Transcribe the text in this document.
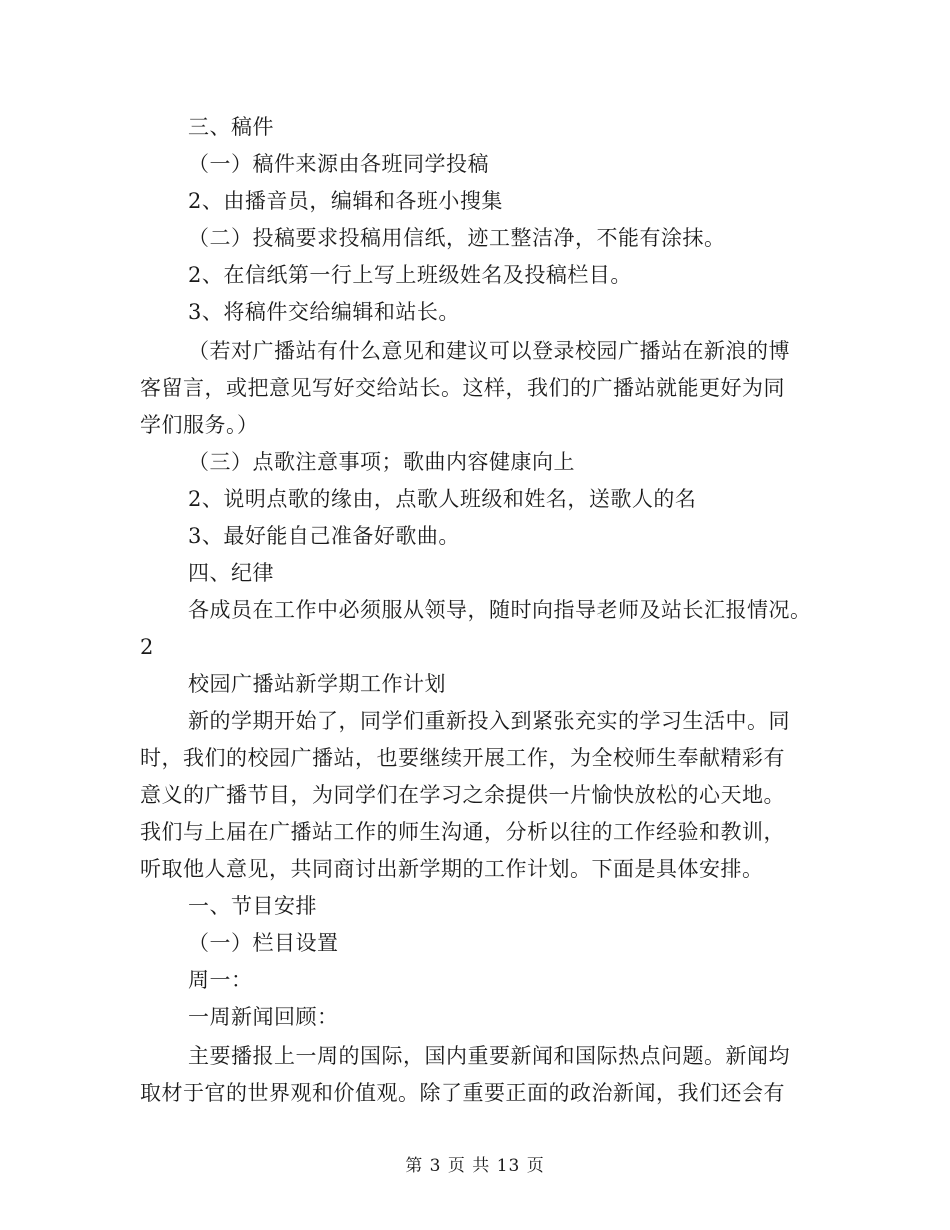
三、稿件
（一）稿件来源由各班同学投稿
2、由播音员，编辑和各班小搜集
（二）投稿要求投稿用信纸，迹工整洁净，不能有涂抹。
2、在信纸第一行上写上班级姓名及投稿栏目。
3、将稿件交给编辑和站长。
（若对广播站有什么意见和建议可以登录校园广播站在新浪的博
客留言，或把意见写好交给站长。这样，我们的广播站就能更好为同
学们服务。）
（三）点歌注意事项；歌曲内容健康向上
2、说明点歌的缘由，点歌人班级和姓名，送歌人的名
3、最好能自己准备好歌曲。
四、纪律
各成员在工作中必须服从领导，随时向指导老师及站长汇报情况。
2
校园广播站新学期工作计划
新的学期开始了，同学们重新投入到紧张充实的学习生活中。同
时，我们的校园广播站，也要继续开展工作，为全校师生奉献精彩有
意义的广播节目，为同学们在学习之余提供一片愉快放松的心天地。
我们与上届在广播站工作的师生沟通，分析以往的工作经验和教训，
听取他人意见，共同商讨出新学期的工作计划。下面是具体安排。
一、节目安排
（一）栏目设置
周一：
一周新闻回顾：
主要播报上一周的国际，国内重要新闻和国际热点问题。新闻均
取材于官的世界观和价值观。除了重要正面的政治新闻，我们还会有
第 3 页 共 13 页
